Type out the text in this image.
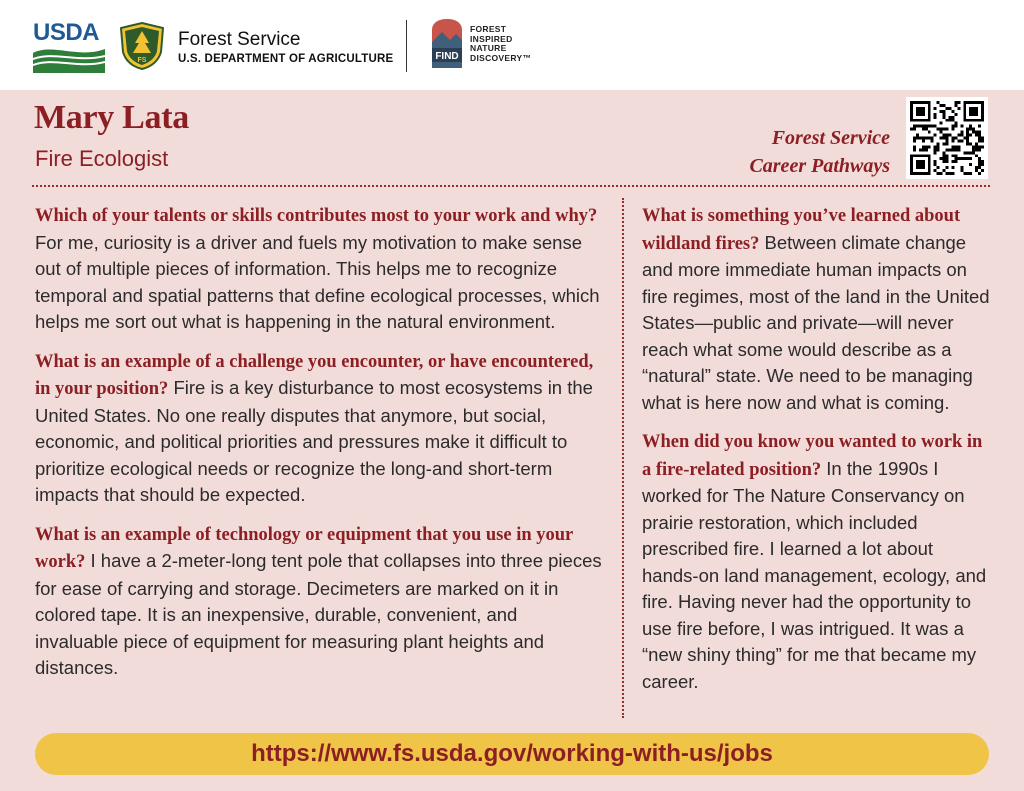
USDA
FS
Forest Service
U.S. DEPARTMENT OF AGRICULTURE	FIND
FOREST
INSPIRED
NATURE
DISCOVERY™
Mary Lata
Fire Ecologist
Forest Service
Career Pathways

Which of your talents or skills contributes most to your work and why? For me, curiosity is a driver and fuels my motivation to make sense out of multiple pieces of information. This helps me to recognize temporal and spatial patterns that define ecological processes, which helps me sort out what is happening in the natural environment.

What is an example of a challenge you encounter, or have encountered, in your position? Fire is a key disturbance to most ecosystems in the United States. No one really disputes that anymore, but social, economic, and political priorities and pressures make it difficult to prioritize ecological needs or recognize the long-and short-term impacts that should be expected.

What is an example of technology or equipment that you use in your work? I have a 2-meter-long tent pole that collapses into three pieces for ease of carrying and storage. Decimeters are marked on it in colored tape. It is an inexpensive, durable, convenient, and invaluable piece of equipment for measuring plant heights and distances.

What is something you’ve learned about wildland fires? Between climate change and more immediate human impacts on fire regimes, most of the land in the United States—public and private—will never reach what some would describe as a “natural” state. We need to be managing what is here now and what is coming.

When did you know you wanted to work in a fire-related position? In the 1990s I worked for The Nature Conservancy on prairie restoration, which included prescribed fire. I learned a lot about hands-on land management, ecology, and fire. Having never had the opportunity to use fire before, I was intrigued. It was a “new shiny thing” for me that became my career.

https://www.fs.usda.gov/working-with-us/jobs
